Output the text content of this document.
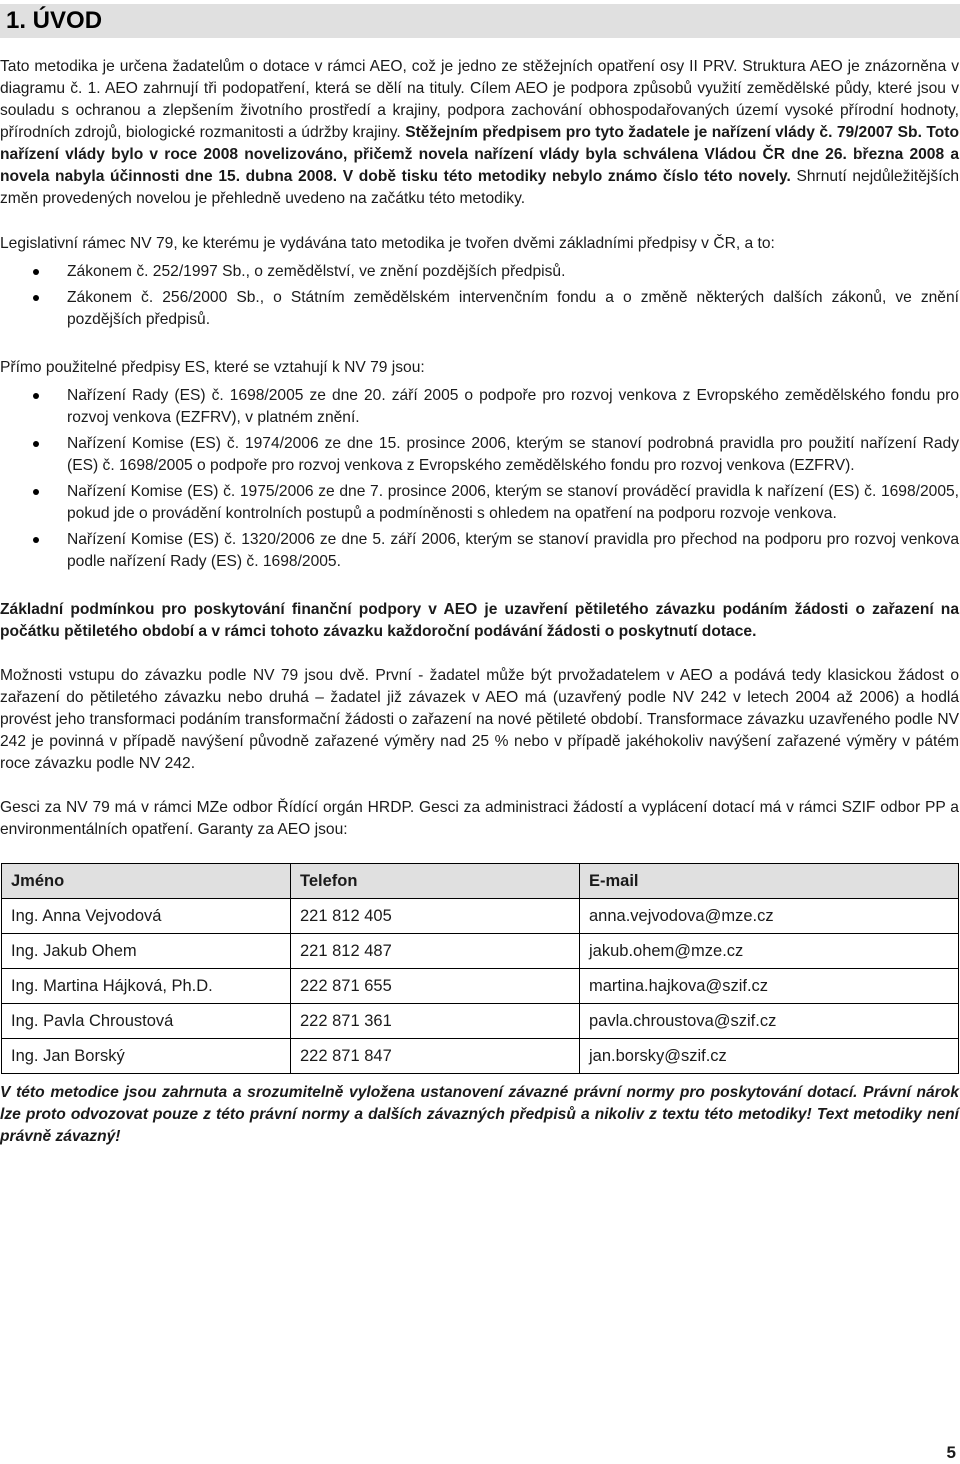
1. ÚVOD

Tato metodika je určena žadatelům o dotace v rámci AEO, což je jedno ze stěžejních opatření osy II PRV. Struktura AEO je znázorněna v diagramu č. 1. AEO zahrnují tři podopatření, která se dělí na tituly. Cílem AEO je podpora způsobů využití zemědělské půdy, které jsou v souladu s ochranou a zlepšením životního prostředí a krajiny, podpora zachování obhospodařovaných území vysoké přírodní hodnoty, přírodních zdrojů, biologické rozmanitosti a údržby krajiny. Stěžejním předpisem pro tyto žadatele je nařízení vlády č. 79/2007 Sb. Toto nařízení vlády bylo v roce 2008 novelizováno, přičemž novela nařízení vlády byla schválena Vládou ČR dne 26. března 2008 a novela nabyla účinnosti dne 15. dubna 2008. V době tisku této metodiky nebylo známo číslo této novely. Shrnutí nejdůležitějších změn provedených novelou je přehledně uvedeno na začátku této metodiky.

Legislativní rámec NV 79, ke kterému je vydávána tato metodika je tvořen dvěmi základními předpisy v ČR, a to:

Zákonem č. 252/1997 Sb., o zemědělství, ve znění pozdějších předpisů.
Zákonem č. 256/2000 Sb., o Státním zemědělském intervenčním fondu a o změně některých dalších zákonů, ve znění pozdějších předpisů.

Přímo použitelné předpisy ES, které se vztahují k NV 79 jsou:

Nařízení Rady (ES) č. 1698/2005 ze dne 20. září 2005 o podpoře pro rozvoj venkova z Evropského zemědělského fondu pro rozvoj venkova (EZFRV), v platném znění.
Nařízení Komise (ES) č. 1974/2006 ze dne 15. prosince 2006, kterým se stanoví podrobná pravidla pro použití nařízení Rady (ES) č. 1698/2005 o podpoře pro rozvoj venkova z Evropského zemědělského fondu pro rozvoj venkova (EZFRV).
Nařízení Komise (ES) č. 1975/2006 ze dne 7. prosince 2006, kterým se stanoví prováděcí pravidla k nařízení (ES) č. 1698/2005, pokud jde o provádění kontrolních postupů a podmíněnosti s ohledem na opatření na podporu rozvoje venkova.
Nařízení Komise (ES) č. 1320/2006 ze dne 5. září 2006, kterým se stanoví pravidla pro přechod na podporu pro rozvoj venkova podle nařízení Rady (ES) č. 1698/2005.

Základní podmínkou pro poskytování finanční podpory v AEO je uzavření pětiletého závazku podáním žádosti o zařazení na počátku pětiletého období a v rámci tohoto závazku každoroční podávání žádosti o poskytnutí dotace.

Možnosti vstupu do závazku podle NV 79 jsou dvě. První - žadatel může být prvožadatelem v AEO a podává tedy klasickou žádost o zařazení do pětiletého závazku nebo druhá – žadatel již závazek v AEO má (uzavřený podle NV 242 v letech 2004 až 2006) a hodlá provést jeho transformaci podáním transformační žádosti o zařazení na nové pětileté období. Transformace závazku uzavřeného podle NV 242 je povinná v případě navýšení původně zařazené výměry nad 25 % nebo v případě jakéhokoliv navýšení zařazené výměry v pátém roce závazku podle NV 242.

Gesci za NV 79 má v rámci MZe odbor Řídící orgán HRDP. Gesci za administraci žádostí a vyplácení dotací má v rámci SZIF odbor PP a environmentálních opatření. Garanty za AEO jsou:

Jméno	Telefon	E-mail
Ing. Anna Vejvodová	221 812 405	anna.vejvodova@mze.cz
Ing. Jakub Ohem	221 812 487	jakub.ohem@mze.cz
Ing. Martina Hájková, Ph.D.	222 871 655	martina.hajkova@szif.cz
Ing. Pavla Chroustová	222 871 361	pavla.chroustova@szif.cz
Ing. Jan Borský	222 871 847	jan.borsky@szif.cz

V této metodice jsou zahrnuta a srozumitelně vyložena ustanovení závazné právní normy pro poskytování dotací. Právní nárok lze proto odvozovat pouze z této právní normy a dalších závazných předpisů a nikoliv z textu této metodiky! Text metodiky není právně závazný!

5
